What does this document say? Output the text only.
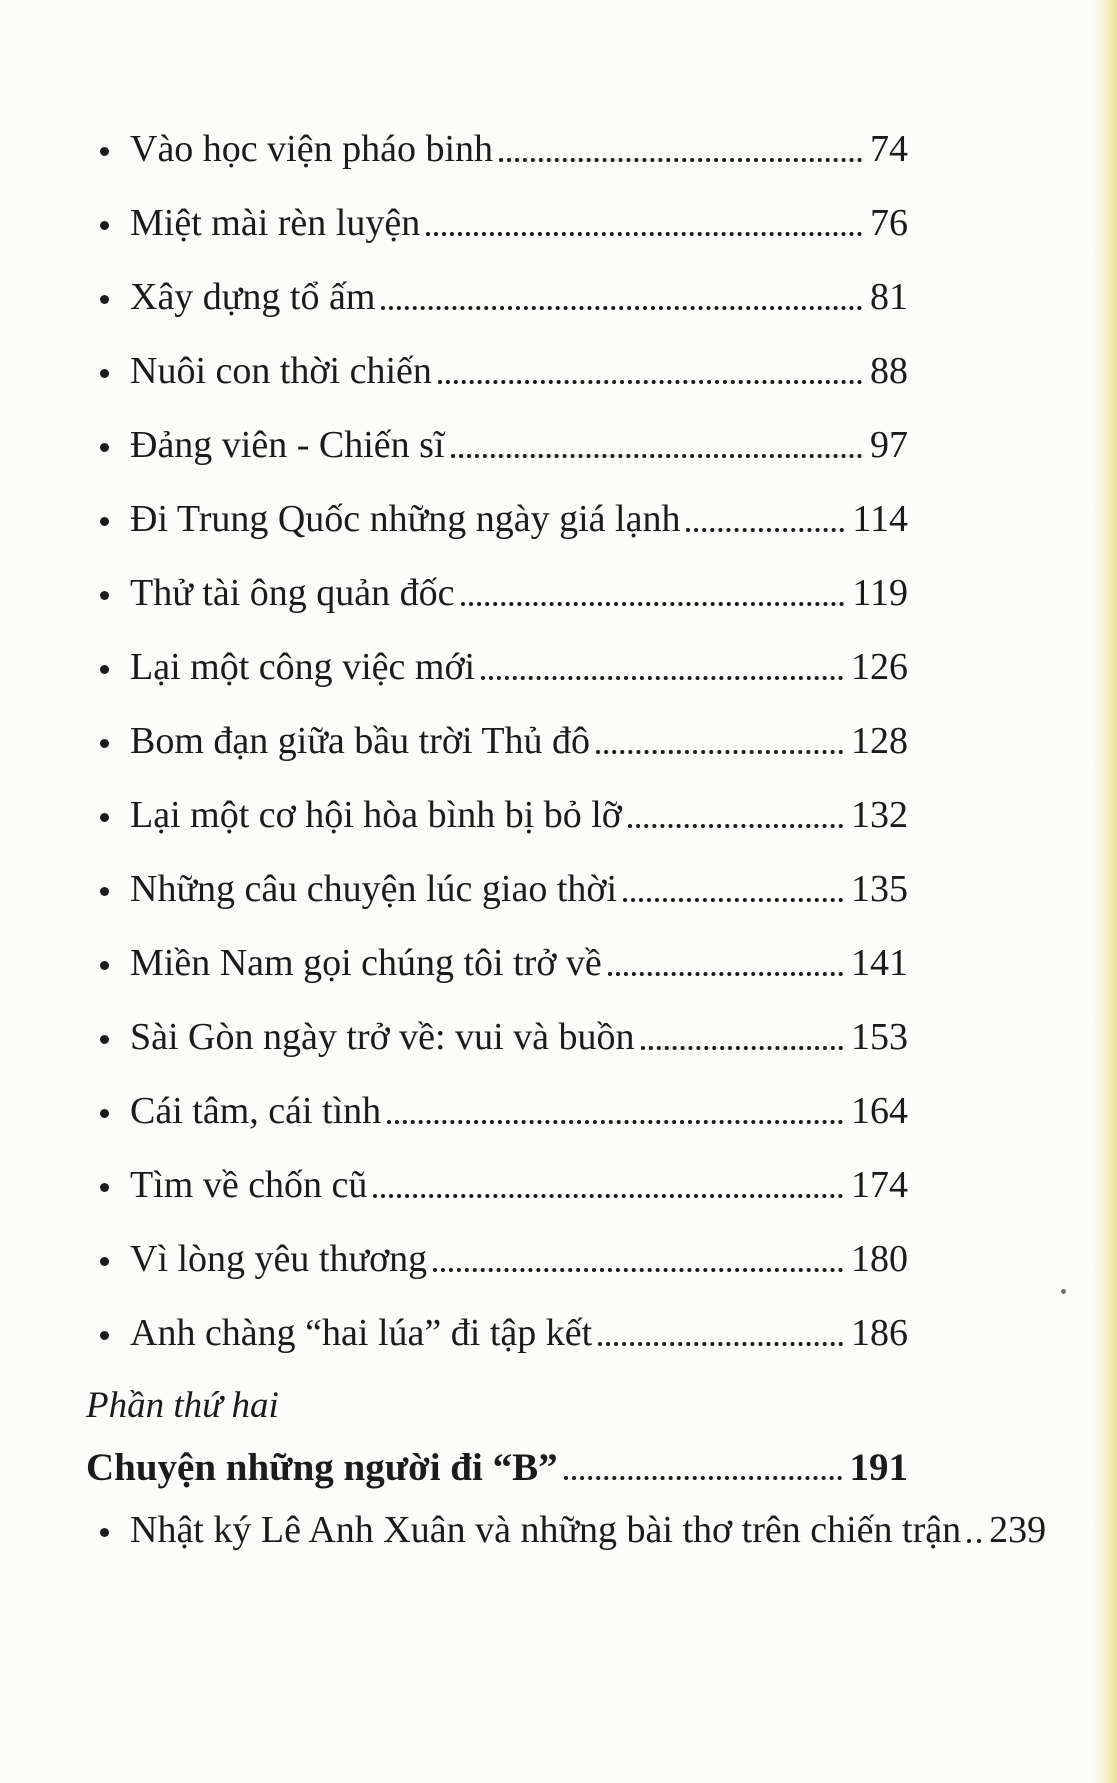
Vào học viện pháo binh	74
Miệt mài rèn luyện	76
Xây dựng tổ ấm	81
Nuôi con thời chiến	88
Đảng viên - Chiến sĩ	97
Đi Trung Quốc những ngày giá lạnh	114
Thử tài ông quản đốc	119
Lại một công việc mới	126
Bom đạn giữa bầu trời Thủ đô	128
Lại một cơ hội hòa bình bị bỏ lỡ	132
Những câu chuyện lúc giao thời	135
Miền Nam gọi chúng tôi trở về	141
Sài Gòn ngày trở về: vui và buồn	153
Cái tâm, cái tình	164
Tìm về chốn cũ	174
Vì lòng yêu thương	180
Anh chàng “hai lúa” đi tập kết	186
Phần thứ hai
Chuyện những người đi “B”	191
Nhật ký Lê Anh Xuân và những bài thơ trên chiến trận 239
